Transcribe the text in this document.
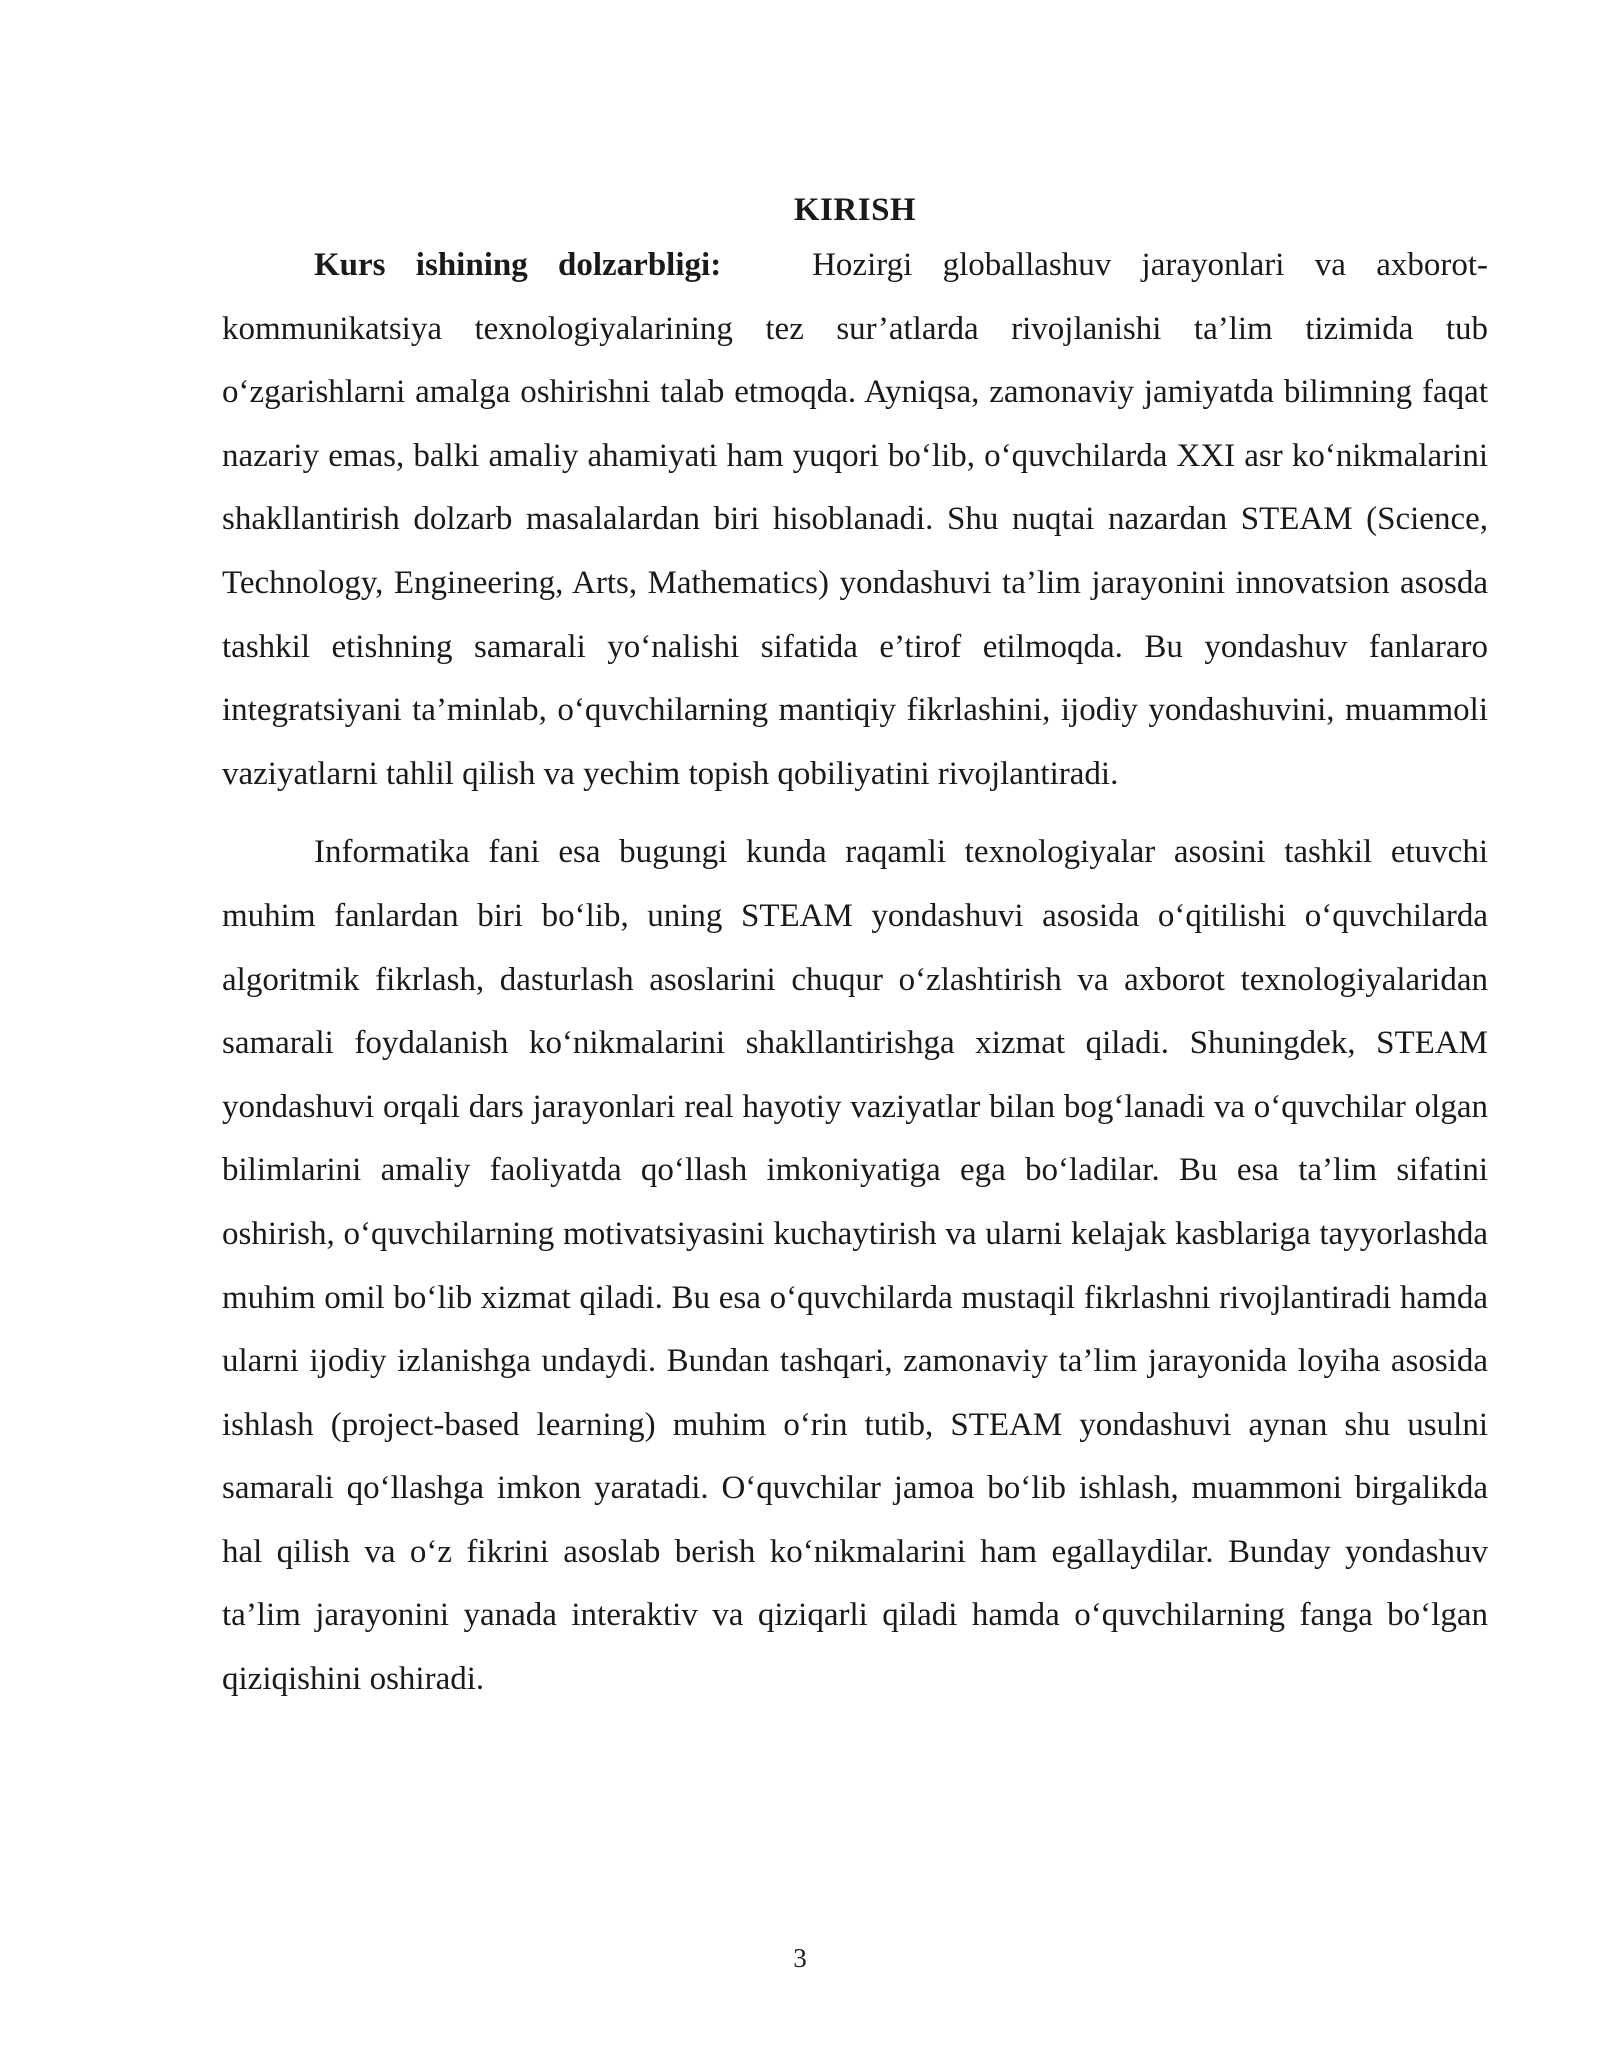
KIRISH

Kurs ishining dolzarbligi:	Hozirgi globallashuv jarayonlari va axborot-kommunikatsiya texnologiyalarining tez sur’atlarda rivojlanishi ta’lim tizimida tub o‘zgarishlarni amalga oshirishni talab etmoqda. Ayniqsa, zamonaviy jamiyatda bilimning faqat nazariy emas, balki amaliy ahamiyati ham yuqori bo‘lib, o‘quvchilarda XXI asr ko‘nikmalarini shakllantirish dolzarb masalalardan biri hisoblanadi. Shu nuqtai nazardan STEAM (Science, Technology, Engineering, Arts, Mathematics) yondashuvi ta’lim jarayonini innovatsion asosda tashkil etishning samarali yo‘nalishi sifatida e’tirof etilmoqda. Bu yondashuv fanlararo integratsiyani ta’minlab, o‘quvchilarning mantiqiy fikrlashini, ijodiy yondashuvini, muammoli vaziyatlarni tahlil qilish va yechim topish qobiliyatini rivojlantiradi.

Informatika fani esa bugungi kunda raqamli texnologiyalar asosini tashkil etuvchi muhim fanlardan biri bo‘lib, uning STEAM yondashuvi asosida o‘qitilishi o‘quvchilarda algoritmik fikrlash, dasturlash asoslarini chuqur o‘zlashtirish va axborot texnologiyalaridan samarali foydalanish ko‘nikmalarini shakllantirishga xizmat qiladi. Shuningdek, STEAM yondashuvi orqali dars jarayonlari real hayotiy vaziyatlar bilan bog‘lanadi va o‘quvchilar olgan bilimlarini amaliy faoliyatda qo‘llash imkoniyatiga ega bo‘ladilar. Bu esa ta’lim sifatini oshirish, o‘quvchilarning motivatsiyasini kuchaytirish va ularni kelajak kasblariga tayyorlashda muhim omil bo‘lib xizmat qiladi. Bu esa o‘quvchilarda mustaqil fikrlashni rivojlantiradi hamda ularni ijodiy izlanishga undaydi. Bundan tashqari, zamonaviy ta’lim jarayonida loyiha asosida ishlash (project-based learning) muhim o‘rin tutib, STEAM yondashuvi aynan shu usulni samarali qo‘llashga imkon yaratadi. O‘quvchilar jamoa bo‘lib ishlash, muammoni birgalikda hal qilish va o‘z fikrini asoslab berish ko‘nikmalarini ham egallaydilar. Bunday yondashuv ta’lim jarayonini yanada interaktiv va qiziqarli qiladi hamda o‘quvchilarning fanga bo‘lgan qiziqishini oshiradi.

3
